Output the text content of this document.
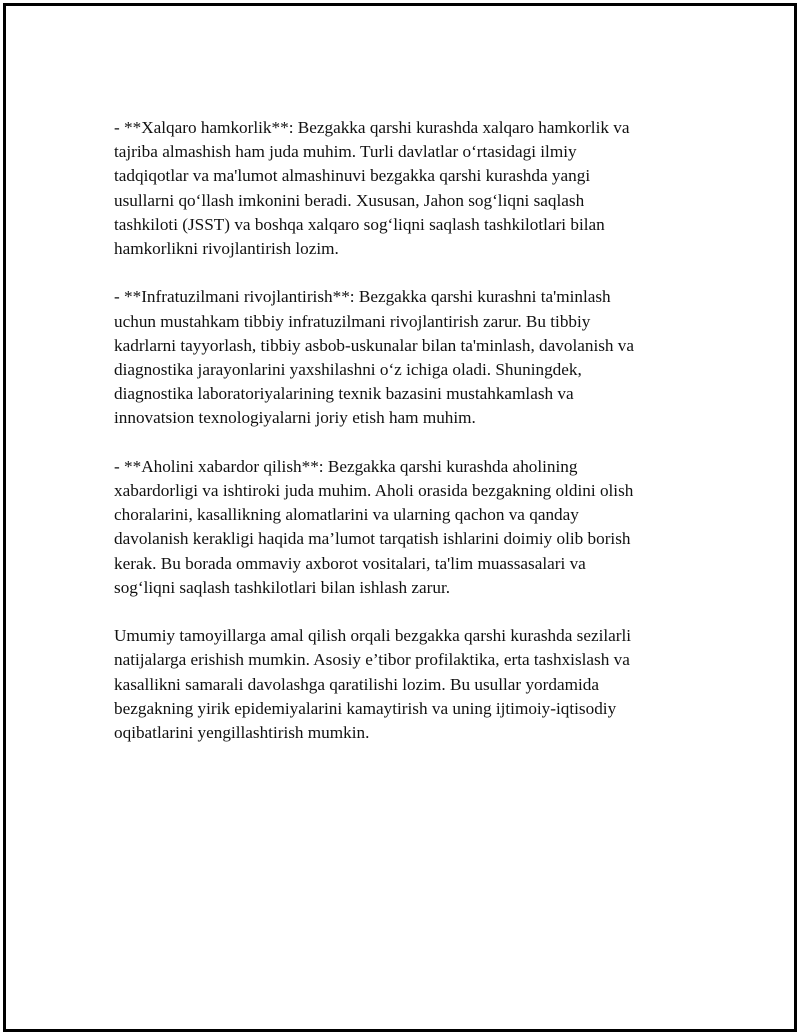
- **Xalqaro hamkorlik**: Bezgakka qarshi kurashda xalqaro hamkorlik va
tajriba almashish ham juda muhim. Turli davlatlar o‘rtasidagi ilmiy
tadqiqotlar va ma'lumot almashinuvi bezgakka qarshi kurashda yangi
usullarni qo‘llash imkonini beradi. Xususan, Jahon sog‘liqni saqlash
tashkiloti (JSST) va boshqa xalqaro sog‘liqni saqlash tashkilotlari bilan
hamkorlikni rivojlantirish lozim.
- **Infratuzilmani rivojlantirish**: Bezgakka qarshi kurashni ta'minlash
uchun mustahkam tibbiy infratuzilmani rivojlantirish zarur. Bu tibbiy
kadrlarni tayyorlash, tibbiy asbob-uskunalar bilan ta'minlash, davolanish va
diagnostika jarayonlarini yaxshilashni o‘z ichiga oladi. Shuningdek,
diagnostika laboratoriyalarining texnik bazasini mustahkamlash va
innovatsion texnologiyalarni joriy etish ham muhim.
- **Aholini xabardor qilish**: Bezgakka qarshi kurashda aholining
xabardorligi va ishtiroki juda muhim. Aholi orasida bezgakning oldini olish
choralarini, kasallikning alomatlarini va ularning qachon va qanday
davolanish kerakligi haqida ma’lumot tarqatish ishlarini doimiy olib borish
kerak. Bu borada ommaviy axborot vositalari, ta'lim muassasalari va
sog‘liqni saqlash tashkilotlari bilan ishlash zarur.
Umumiy tamoyillarga amal qilish orqali bezgakka qarshi kurashda sezilarli
natijalarga erishish mumkin. Asosiy e’tibor profilaktika, erta tashxislash va
kasallikni samarali davolashga qaratilishi lozim. Bu usullar yordamida
bezgakning yirik epidemiyalarini kamaytirish va uning ijtimoiy-iqtisodiy
oqibatlarini yengillashtirish mumkin.
